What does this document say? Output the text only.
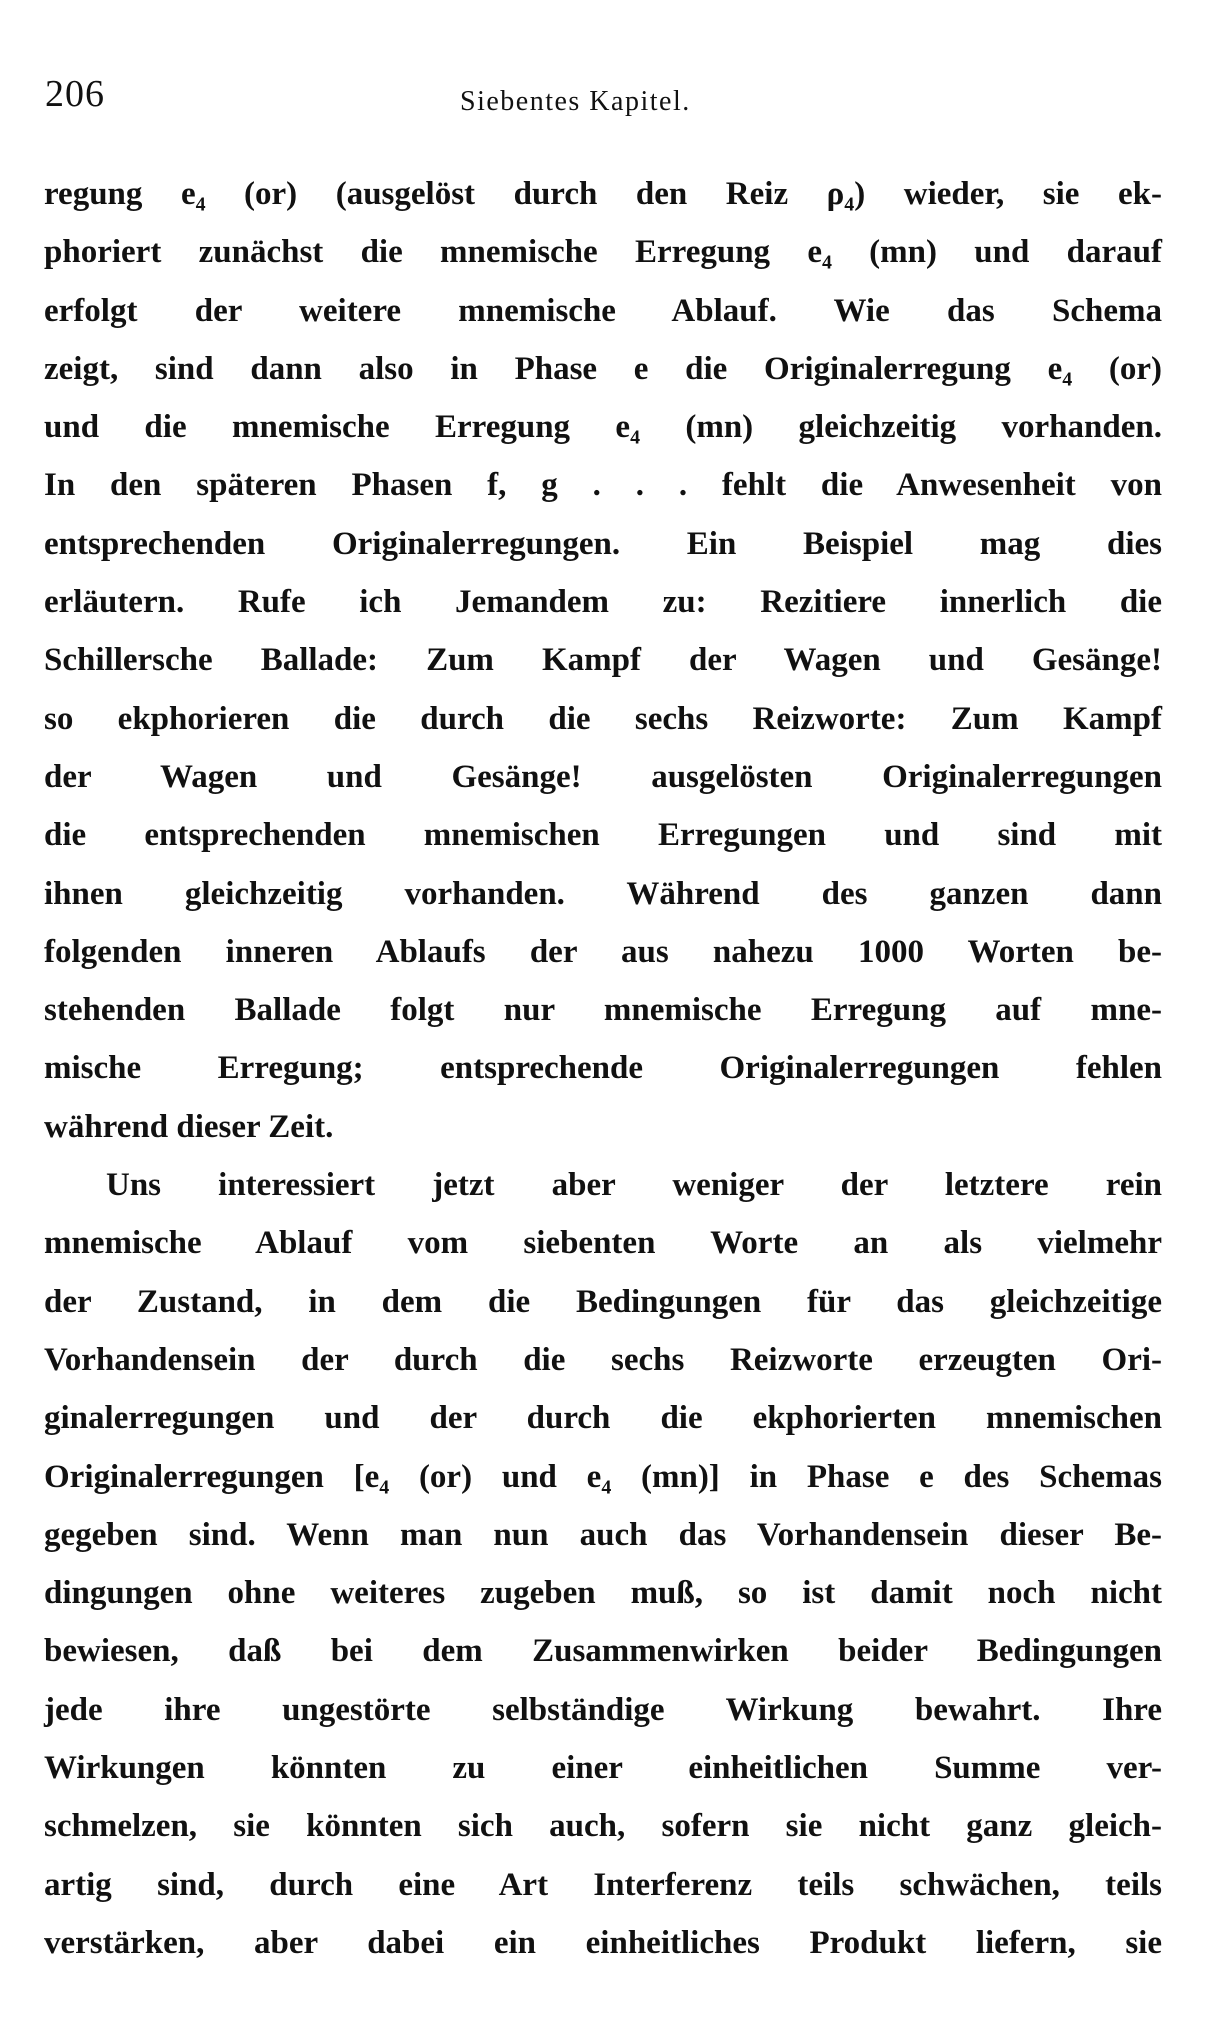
206	Siebentes Kapitel.
regung e₄ (or) (ausgelöst durch den Reiz ρ₄) wieder, sie ek-
phoriert zunächst die mnemische Erregung e₄ (mn) und darauf
erfolgt der weitere mnemische Ablauf. Wie das Schema
zeigt, sind dann also in Phase e die Originalerregung e₄ (or)
und die mnemische Erregung e₄ (mn) gleichzeitig vorhanden.
In den späteren Phasen f, g . . . fehlt die Anwesenheit von
entsprechenden Originalerregungen. Ein Beispiel mag dies
erläutern. Rufe ich Jemandem zu: Rezitiere innerlich die
Schillersche Ballade: Zum Kampf der Wagen und Gesänge!
so ekphorieren die durch die sechs Reizworte: Zum Kampf
der Wagen und Gesänge! ausgelösten Originalerregungen
die entsprechenden mnemischen Erregungen und sind mit
ihnen gleichzeitig vorhanden. Während des ganzen dann
folgenden inneren Ablaufs der aus nahezu 1000 Worten be-
stehenden Ballade folgt nur mnemische Erregung auf mne-
mische Erregung; entsprechende Originalerregungen fehlen
während dieser Zeit.
Uns interessiert jetzt aber weniger der letztere rein
mnemische Ablauf vom siebenten Worte an als vielmehr
der Zustand, in dem die Bedingungen für das gleichzeitige
Vorhandensein der durch die sechs Reizworte erzeugten Ori-
ginalerregungen und der durch die ekphorierten mnemischen
Originalerregungen [e₄ (or) und e₄ (mn)] in Phase e des Schemas
gegeben sind. Wenn man nun auch das Vorhandensein dieser Be-
dingungen ohne weiteres zugeben muß, so ist damit noch nicht
bewiesen, daß bei dem Zusammenwirken beider Bedingungen
jede ihre ungestörte selbständige Wirkung bewahrt. Ihre
Wirkungen könnten zu einer einheitlichen Summe ver-
schmelzen, sie könnten sich auch, sofern sie nicht ganz gleich-
artig sind, durch eine Art Interferenz teils schwächen, teils
verstärken, aber dabei ein einheitliches Produkt liefern, sie
